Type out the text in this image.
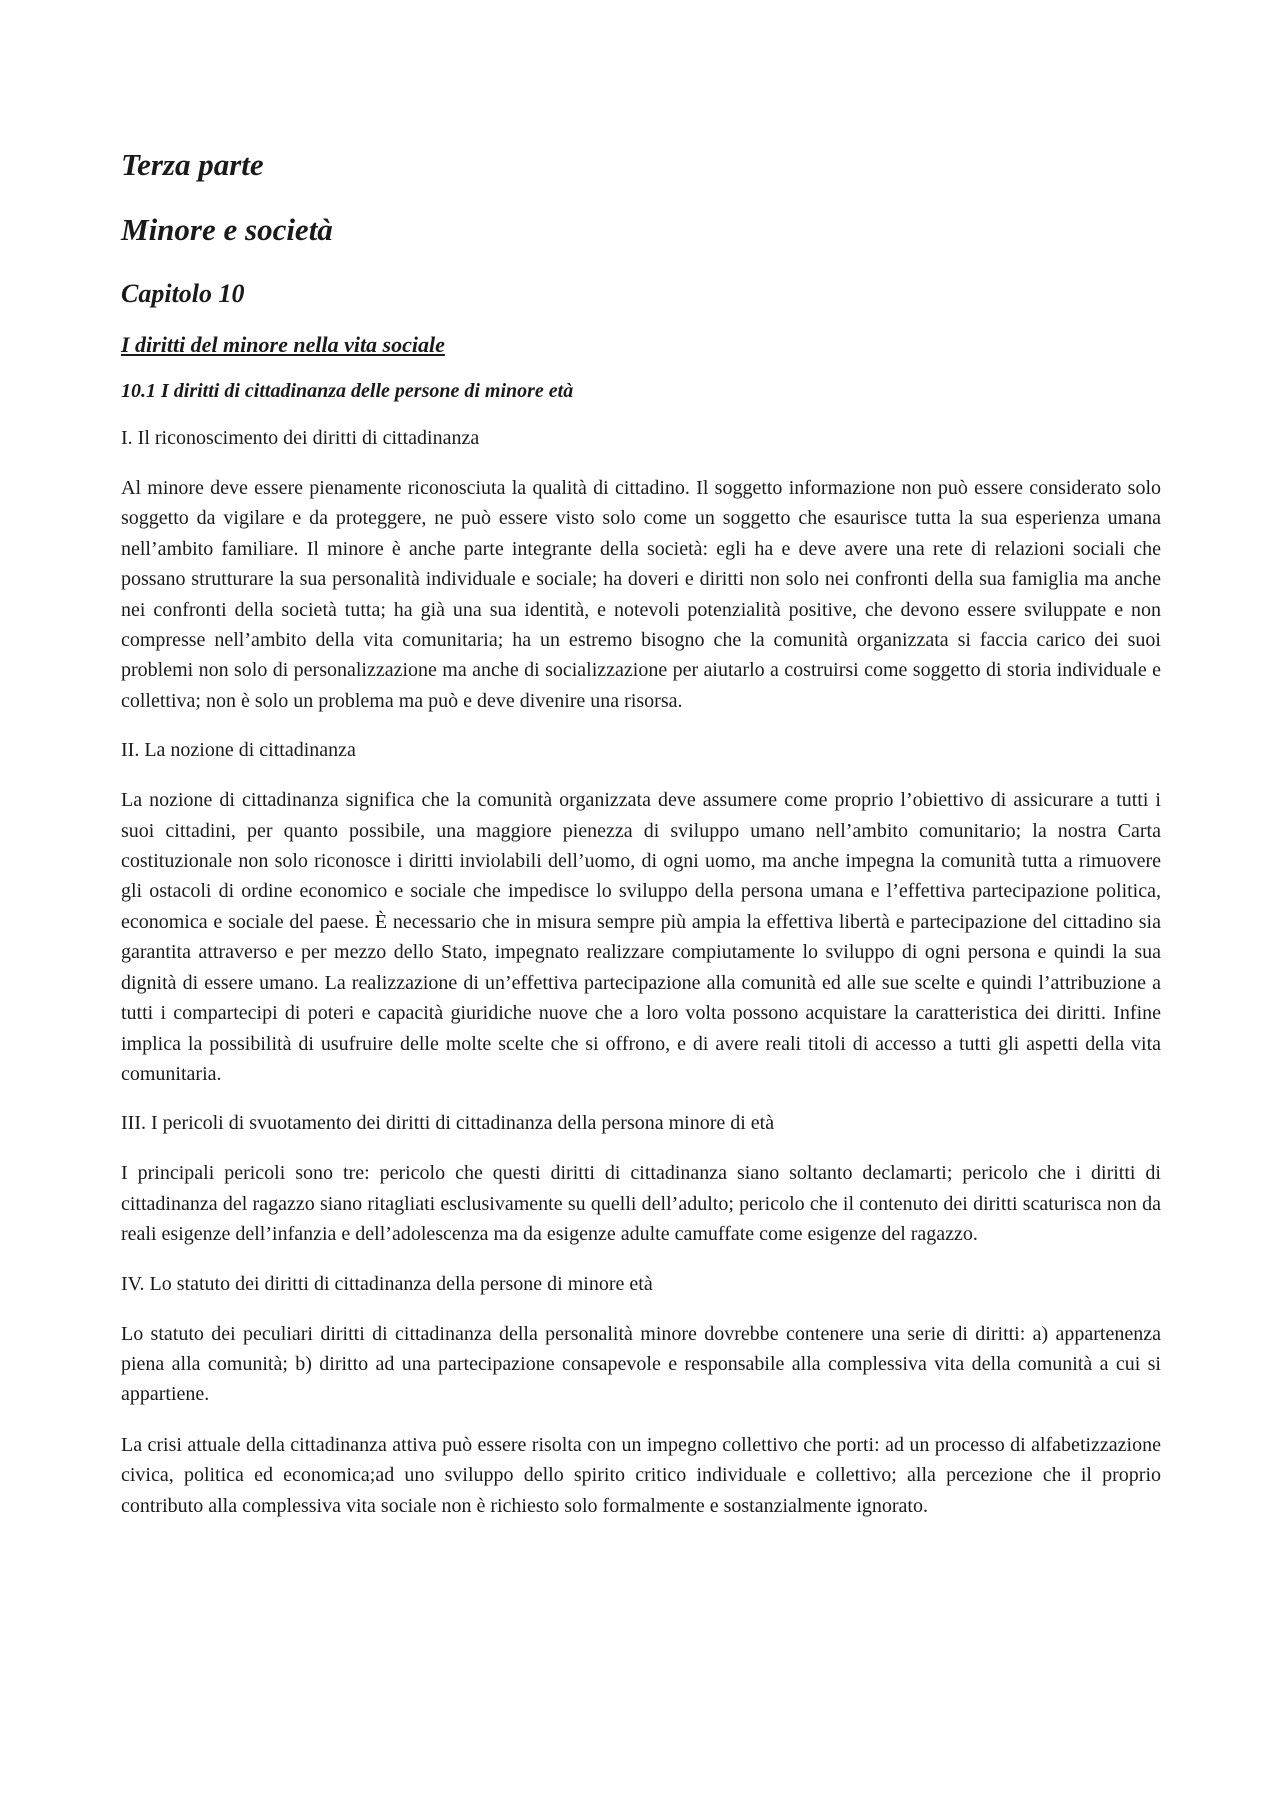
Terza parte
Minore e società
Capitolo 10
I diritti del minore nella vita sociale
10.1 I diritti di cittadinanza delle persone di minore età

I. Il riconoscimento dei diritti di cittadinanza

Al minore deve essere pienamente riconosciuta la qualità di cittadino. Il soggetto informazione non può essere considerato solo soggetto da vigilare e da proteggere, ne può essere visto solo come un soggetto che esaurisce tutta la sua esperienza umana nell’ambito familiare. Il minore è anche parte integrante della società: egli ha e deve avere una rete di relazioni sociali che possano strutturare la sua personalità individuale e sociale; ha doveri e diritti non solo nei confronti della sua famiglia ma anche nei confronti della società tutta; ha già una sua identità, e notevoli potenzialità positive, che devono essere sviluppate e non compresse nell’ambito della vita comunitaria; ha un estremo bisogno che la comunità organizzata si faccia carico dei suoi problemi non solo di personalizzazione ma anche di socializzazione per aiutarlo a costruirsi come soggetto di storia individuale e collettiva; non è solo un problema ma può e deve divenire una risorsa.

II. La nozione di cittadinanza

La nozione di cittadinanza significa che la comunità organizzata deve assumere come proprio l’obiettivo di assicurare a tutti i suoi cittadini, per quanto possibile, una maggiore pienezza di sviluppo umano nell’ambito comunitario; la nostra Carta costituzionale non solo riconosce i diritti inviolabili dell’uomo, di ogni uomo, ma anche impegna la comunità tutta a rimuovere gli ostacoli di ordine economico e sociale che impedisce lo sviluppo della persona umana e l’effettiva partecipazione politica, economica e sociale del paese. È necessario che in misura sempre più ampia la effettiva libertà e partecipazione del cittadino sia garantita attraverso e per mezzo dello Stato, impegnato realizzare compiutamente lo sviluppo di ogni persona e quindi la sua dignità di essere umano. La realizzazione di un’effettiva partecipazione alla comunità ed alle sue scelte e quindi l’attribuzione a tutti i compartecipi di poteri e capacità giuridiche nuove che a loro volta possono acquistare la caratteristica dei diritti. Infine implica la possibilità di usufruire delle molte scelte che si offrono, e di avere reali titoli di accesso a tutti gli aspetti della vita comunitaria.

III. I pericoli di svuotamento dei diritti di cittadinanza della persona minore di età

I principali pericoli sono tre: pericolo che questi diritti di cittadinanza siano soltanto declamarti; pericolo che i diritti di cittadinanza del ragazzo siano ritagliati esclusivamente su quelli dell’adulto; pericolo che il contenuto dei diritti scaturisca non da reali esigenze dell’infanzia e dell’adolescenza ma da esigenze adulte camuffate come esigenze del ragazzo.

IV. Lo statuto dei diritti di cittadinanza della persone di minore età

Lo statuto dei peculiari diritti di cittadinanza della personalità minore dovrebbe contenere una serie di diritti: a) appartenenza piena alla comunità; b) diritto ad una partecipazione consapevole e responsabile alla complessiva vita della comunità a cui si appartiene.

La crisi attuale della cittadinanza attiva può essere risolta con un impegno collettivo che porti: ad un processo di alfabetizzazione civica, politica ed economica;ad uno sviluppo dello spirito critico individuale e collettivo; alla percezione che il proprio contributo alla complessiva vita sociale non è richiesto solo formalmente e sostanzialmente ignorato.
